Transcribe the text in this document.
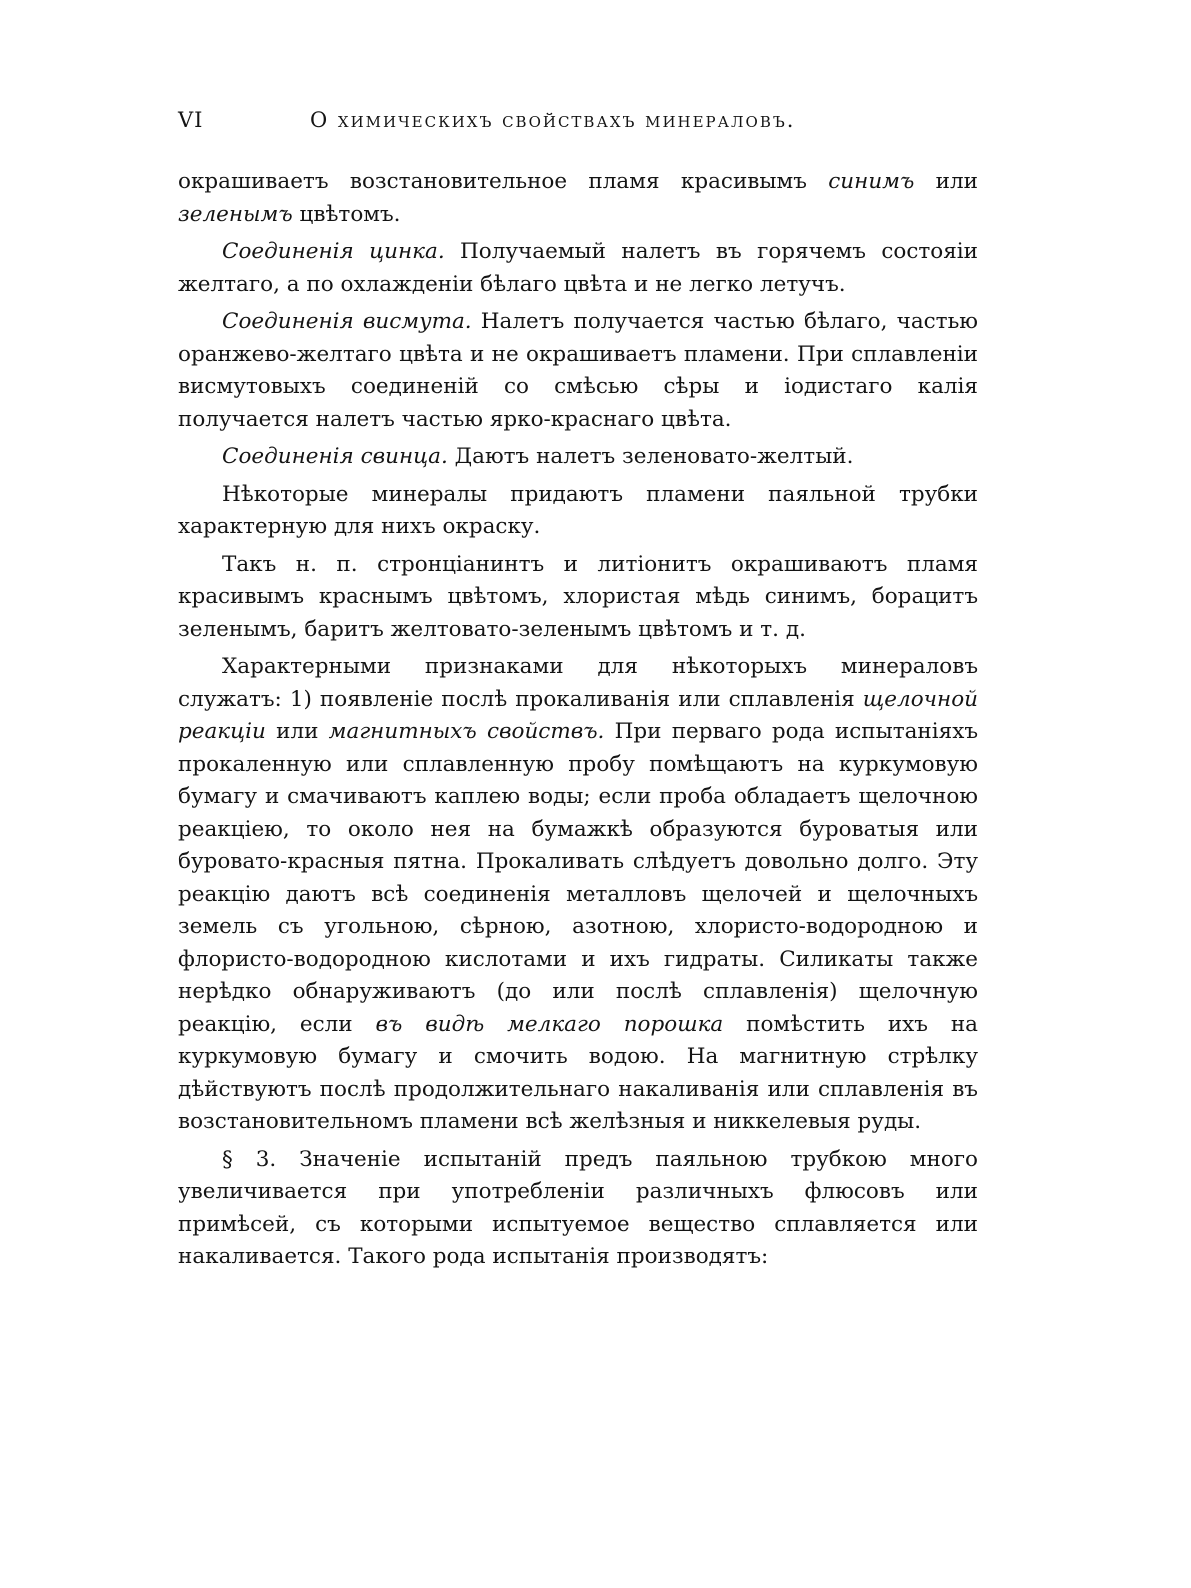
VI	О химическихъ свойствахъ минераловъ.

окрашиваетъ возстановительное пламя красивымъ синимъ или зеленымъ цвѣтомъ.

Соединенія цинка. Получаемый налетъ въ горячемъ состояіи желтаго, а по охлажденіи бѣлаго цвѣта и не легко летучъ.

Соединенія висмута. Налетъ получается частью бѣлаго, частью оранжево-желтаго цвѣта и не окрашиваетъ пламени. При сплавленіи висмутовыхъ соединеній со смѣсью сѣры и іодистаго калія получается налетъ частью ярко-краснаго цвѣта.

Соединенія свинца. Даютъ налетъ зеленовато-желтый.

Нѣкоторые минералы придаютъ пламени паяльной трубки характерную для нихъ окраску.

Такъ н. п. стронціанинтъ и литіонитъ окрашиваютъ пламя красивымъ краснымъ цвѣтомъ, хлористая мѣдь синимъ, борацитъ зеленымъ, баритъ желтовато-зеленымъ цвѣтомъ и т. д.

Характерными признаками для нѣкоторыхъ минераловъ служатъ: 1) появленіе послѣ прокаливанія или сплавленія щелочной реакціи или магнитныхъ свойствъ. При перваго рода испытаніяхъ прокаленную или сплавленную пробу помѣщаютъ на куркумовую бумагу и смачиваютъ каплею воды; если проба обладаетъ щелочною реакціею, то около нея на бумажкѣ образуются буроватыя или буровато-красныя пятна. Прокаливать слѣдуетъ довольно долго. Эту реакцію даютъ всѣ соединенія металловъ щелочей и щелочныхъ земель съ угольною, сѣрною, азотною, хлористо-водородною и флористо-водородною кислотами и ихъ гидраты. Силикаты также нерѣдко обнаруживаютъ (до или послѣ сплавленія) щелочную реакцію, если въ видѣ мелкаго порошка помѣстить ихъ на куркумовую бумагу и смочить водою. На магнитную стрѣлку дѣйствуютъ послѣ продолжительнаго накаливанія или сплавленія въ возстановительномъ пламени всѣ желѣзныя и никкелевыя руды.

§ 3. Значеніе испытаній предъ паяльною трубкою много увеличивается при употребленіи различныхъ флюсовъ или примѣсей, съ которыми испытуемое вещество сплавляется или накаливается. Такого рода испытанія производятъ:
